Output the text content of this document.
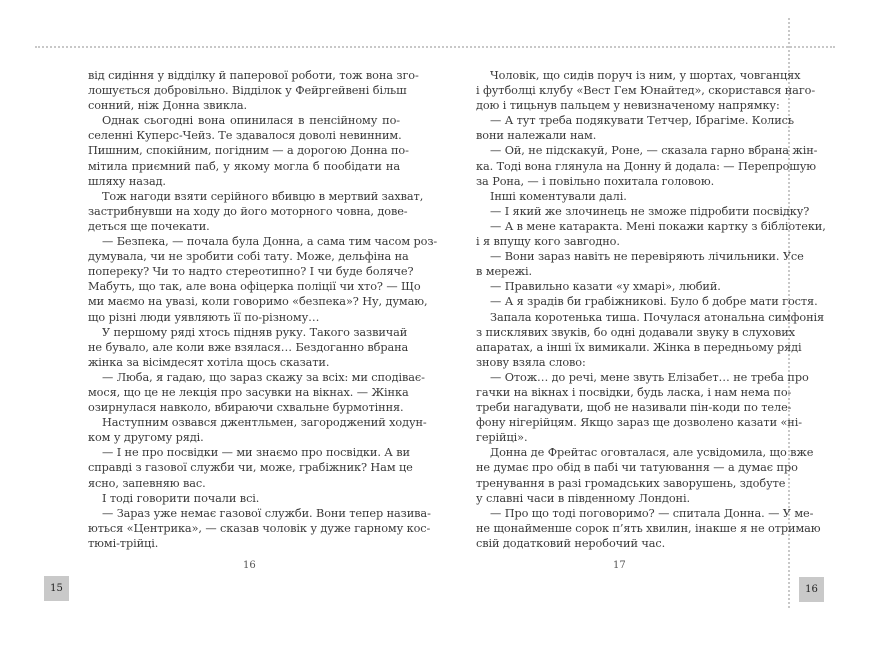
від сидіння у відділку й паперової роботи, тож вона зго-
лошується добровільно. Відділок у Фейргейвені більш
сонний, ніж Донна звикла.
Однак сьогодні вона опинилася в пенсійному по-
селенні Куперс-Чейз. Те здавалося доволі невинним.
Пишним, спокійним, погідним — а дорогою Донна по-
мітила приємний паб, у якому могла б пообідати на
шляху назад.
Тож нагоди взяти серійного вбивцю в мертвий захват,
застрибнувши на ходу до його моторного човна, дове-
деться ще почекати.
— Безпека, — почала була Донна, а сама тим часом роз-
думувала, чи не зробити собі тату. Може, дельфіна на
поперекy? Чи то надто стереотипно? І чи буде боляче?
Мабуть, що так, але вона офіцерка поліції чи хто? — Що
ми маємо на увазі, коли говоримо «безпека»? Ну, думаю,
що різні люди уявляють її по-різному…
У першому ряді хтось підняв руку. Такого зазвичай
не бувало, але коли вже взялася… Бездоганно вбрана
жінка за вісімдесят хотіла щось сказати.
— Люба, я гадаю, що зараз скажу за всіх: ми сподіває-
мося, що це не лекція про засувки на вікнах. — Жінка
озирнулася навколо, вбираючи схвальне бурмотіння.
Наступним озвався джентльмен, загороджений ходун-
ком у другому ряді.
— І не про посвідки — ми знаємо про посвідки. А ви
справді з газової служби чи, може, грабіжник? Нам це
ясно, запевняю вас.
І тоді говорити почали всі.
— Зараз уже немає газової служби. Вони тепер назива-
ються «Центрика», — сказав чоловік у дуже гарному кос-
тюмі-трійці.
Чоловік, що сидів поруч із ним, у шортах, човганцях
і футболці клубу «Вест Гем Юнайтед», скористався наго-
дою і тицьнув пальцем у невизначеному напрямку:
— А тут треба подякувати Тетчер, Ібрагіме. Колись
вони належали нам.
— Ой, не підскакуй, Роне, — сказала гарно вбрана жін-
ка. Тоді вона глянула на Донну й додала: — Перепрошую
за Рона, — і повільно похитала головою.
Інші коментували далі.
— І який же злочинець не зможе підробити посвідку?
— А в мене катаракта. Мені покажи картку з бібліотеки,
і я впущу кого завгодно.
— Вони зараз навіть не перевіряють лічильники. Усе
в мережі.
— Правильно казати «у хмарі», любий.
— А я зрадів би грабіжникові. Було б добре мати гостя.
Запала коротенька тиша. Почулася атональна симфонія
з писклявих звуків, бо одні додавали звуку в слухових
апаратах, а інші їх вимикали. Жінка в передньому ряді
знову взяла слово:
— Отож… до речі, мене звуть Елізабет… не треба про
гачки на вікнах і посвідки, будь ласка, і нам нема по-
треби нагадувати, щоб не називали пін-коди по теле-
фону нігерійцям. Якщо зараз ще дозволено казати «ні-
герійці».
Донна де Фрейтас оговталася, але усвідомила, що вже
не думає про обід в пабі чи татуювання — а думає про
тренування в разі громадських заворушень, здобуте
у славні часи в південному Лондоні.
— Про що тоді поговоримо? — спитала Донна. — У ме-
не щонайменше сорок п’ять хвилин, інакше я не отримаю
свій додатковий неробочий час.
16	17
15	16
